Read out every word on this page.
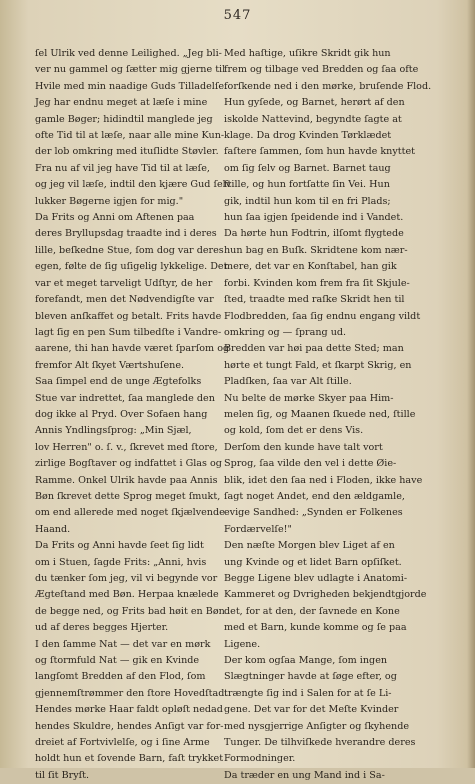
547
ſel Ulrik ved denne Leilighed. „Jeg bli-
ver nu gammel og ſætter mig gjerne til
Hvile med min naadige Guds Tilladelſe.
Jeg har endnu meget at læſe i mine
gamle Bøger; hidindtil manglede jeg
ofte Tid til at læſe, naar alle mine Kun-
der lob omkring med ituſlidte Støvler.
Fra nu af vil jeg have Tid til at læſe,
og jeg vil læſe, indtil den kjære Gud ſelv
lukker Bøgerne igjen for mig."
Da Frits og Anni om Aftenen paa
deres Bryllupsdag traadte ind i deres
lille, beſkedne Stue, ſom dog var deres
egen, følte de ſig uſigelig lykkelige. Det
var et meget tarveligt Udſtyr, de her
forefandt, men det Nødvendigſte var
bleven anſkaffet og betalt. Frits havde
lagt ſig en pen Sum tilbedſte i Vandre-
aarene, thi han havde været ſparſom og
fremfor Alt ſkyet Værtshuſene.
Saa ſimpel end de unge Ægtefolks
Stue var indrettet, ſaa manglede den
dog ikke al Pryd. Over Sofaen hang
Annis Yndlingsſprog: „Min Sjæl,
lov Herren" o. ſ. v., ſkrevet med ſtore,
zirlige Bogſtaver og indfattet i Glas og
Ramme. Onkel Ulrik havde paa Annis
Bøn ſkrevet dette Sprog meget ſmukt,
om end allerede med noget ſkjælvende
Haand.
Da Frits og Anni havde ſeet ſig lidt
om i Stuen, ſagde Frits: „Anni, hvis
du tænker ſom jeg, vil vi begynde vor
Ægteſtand med Bøn. Herpaa knælede
de begge ned, og Frits bad høit en Bøn
ud af deres begges Hjerter.
I den ſamme Nat — det var en mørk
og ſtormfuld Nat — gik en Kvinde
langſomt Bredden af den Flod, ſom
gjennemſtrømmer den ſtore Hovedſtad.
Hendes mørke Haar faldt opløſt nedad
hendes Skuldre, hendes Anſigt var for-
dreiet af Fortvivlelſe, og i ſine Arme
holdt hun et ſovende Barn, faſt trykket
til ſit Bryſt.
Med haſtige, uſikre Skridt gik hun
frem og tilbage ved Bredden og ſaa ofte
forſkende ned i den mørke, bruſende Flod.
Hun gyſede, og Barnet, herørt af den
iskolde Nattevind, begyndte ſagte at
klage. Da drog Kvinden Tørklædet
faſtere ſammen, ſom hun havde knyttet
om ſig ſelv og Barnet. Barnet taug
ſtille, og hun fortſatte ſin Vei. Hun
gik, indtil hun kom til en fri Plads;
hun ſaa igjen ſpeidende ind i Vandet.
Da hørte hun Fodtrin, ilſomt flygtede
hun bag en Buſk. Skridtene kom nær-
mere, det var en Konſtabel, han gik
forbi. Kvinden kom frem fra ſit Skjule-
ſted, traadte med raſke Skridt hen til
Flodbredden, ſaa ſig endnu engang vildt
omkring og — ſprang ud.
Bredden var høi paa dette Sted; man
hørte et tungt Fald, et ſkarpt Skrig, en
Pladſken, ſaa var Alt ſtille.
Nu belte de mørke Skyer paa Him-
melen ſig, og Maanen ſkuede ned, ſtille
og kold, ſom det er dens Vis.
Derſom den kunde have talt vort
Sprog, ſaa vilde den vel i dette Øie-
blik, idet den ſaa ned i Floden, ikke have
ſagt noget Andet, end den ældgamle,
evige Sandhed: „Synden er Folkenes
Fordærvelſe!"
Den næſte Morgen blev Liget af en
ung Kvinde og et lidet Barn opſiſket.
Begge Ligene blev udlagte i Anatomi-
Kammeret og Dvrigheden bekjendtgjorde
det, for at den, der ſavnede en Kone
med et Barn, kunde komme og ſe paa
Ligene.
Der kom ogſaa Mange, ſom ingen
Slægtninger havde at ſøge efter, og
trængte ſig ind i Salen for at ſe Li-
gene. Det var for det Meſte Kvinder
med nysgjerrige Anſigter og ſkyhende
Tunger. De tilhviſkede hverandre deres
Formodninger.
Da træder en ung Mand ind i Sa-
